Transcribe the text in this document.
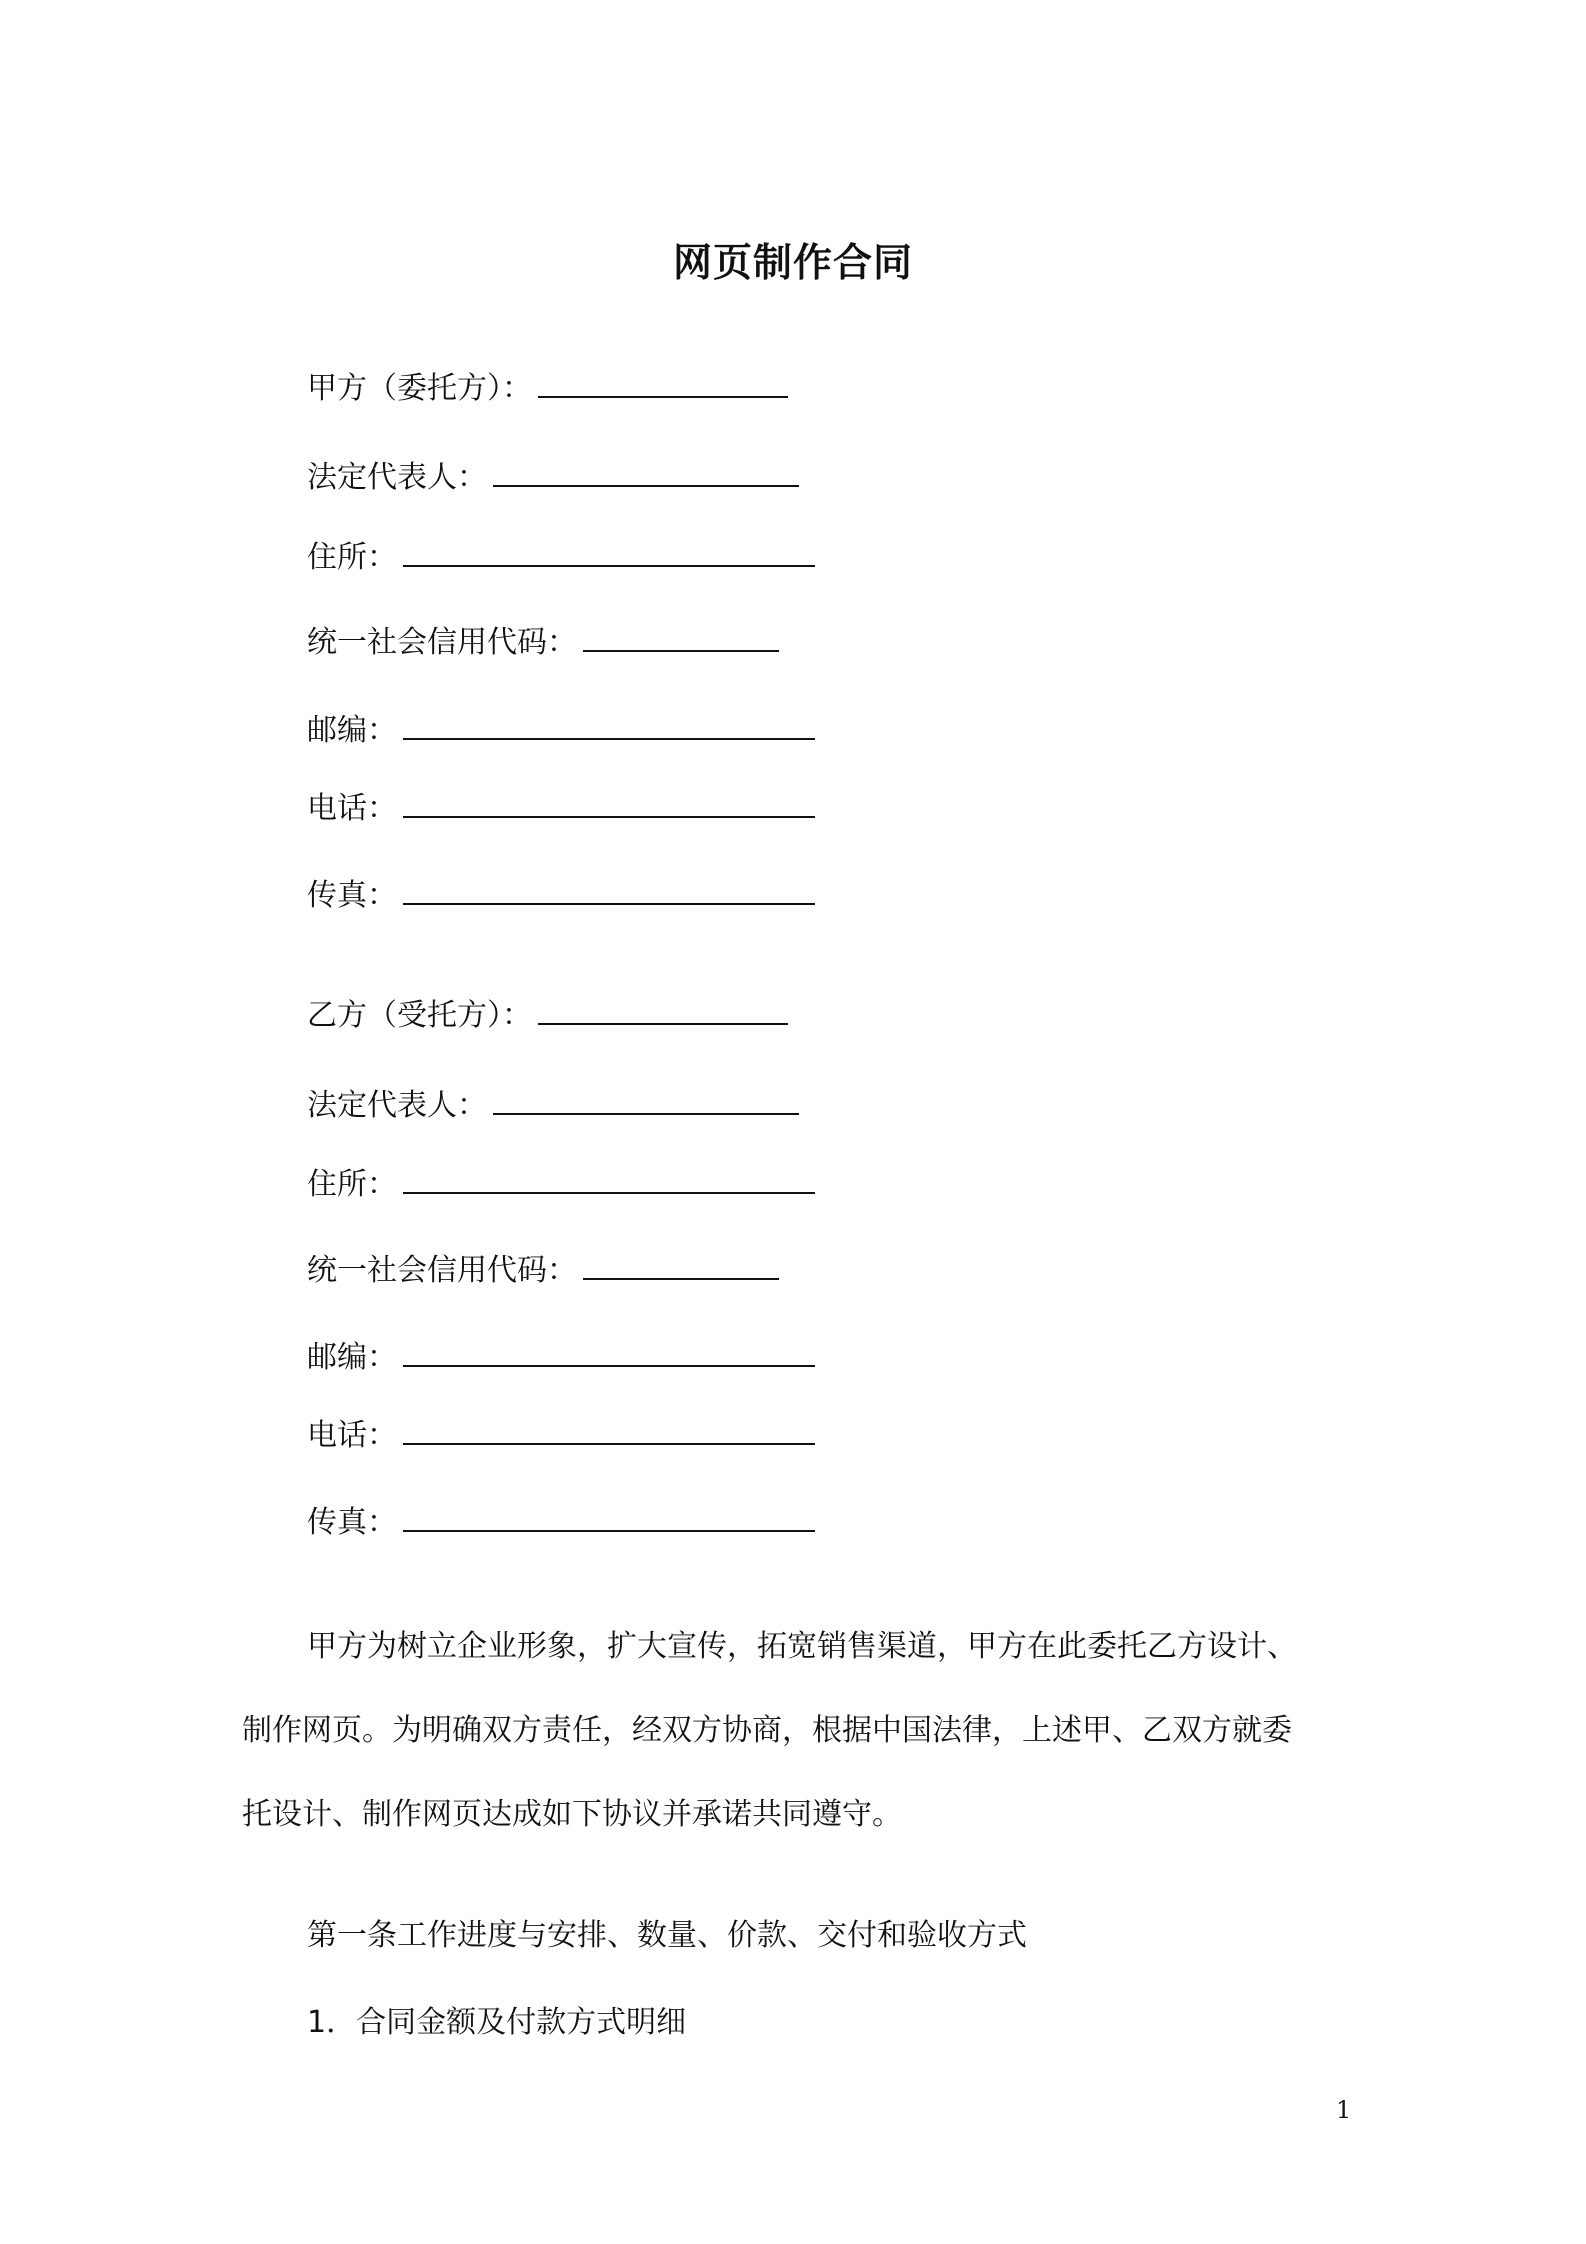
网页制作合同
甲方（委托方）：
法定代表人：
住所：
统一社会信用代码：
邮编：
电话：
传真：
乙方（受托方）：
法定代表人：
住所：
统一社会信用代码：
邮编：
电话：
传真：
甲方为树立企业形象，扩大宣传，拓宽销售渠道，甲方在此委托乙方设计、
制作网页。为明确双方责任，经双方协商，根据中国法律，上述甲、乙双方就委
托设计、制作网页达成如下协议并承诺共同遵守。
第一条工作进度与安排、数量、价款、交付和验收方式
1．合同金额及付款方式明细
1
